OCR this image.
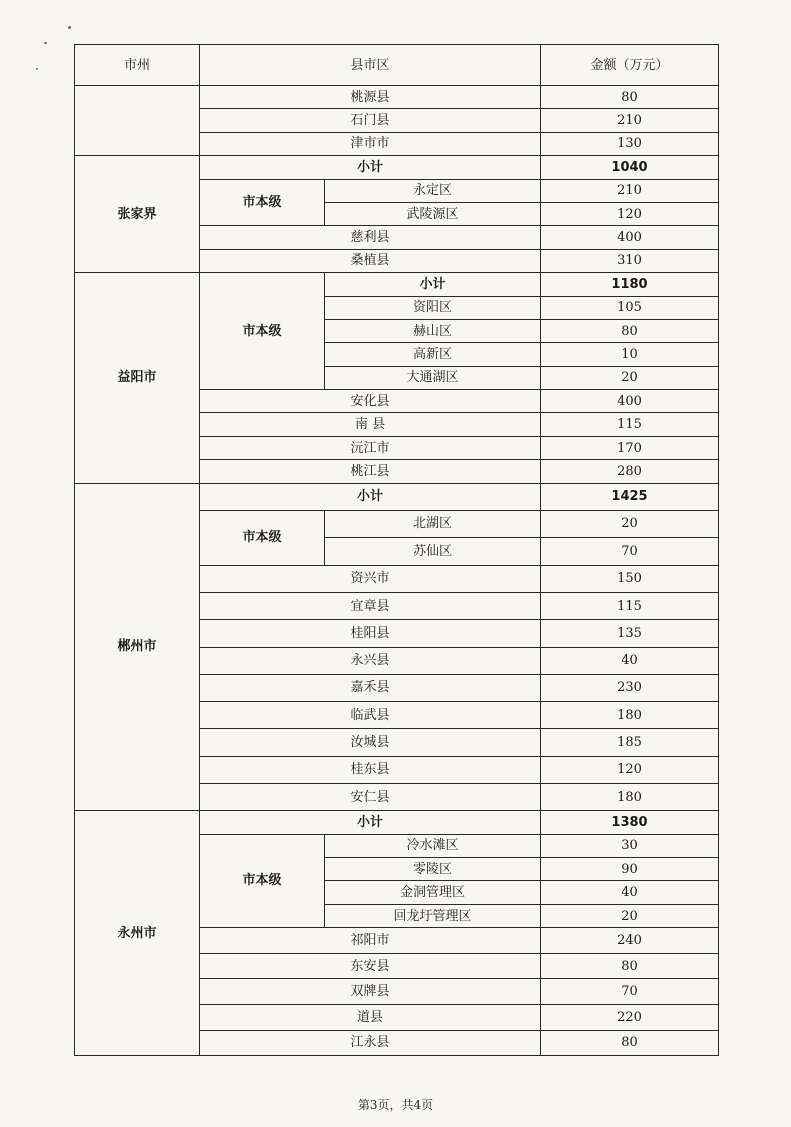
市州	县市区		金额（万元）
	桃源县		80
	石门县		210
	津市市		130
张家界	小计		1040
	市本级	永定区	210
		武陵源区	120
	慈利县		400
	桑植县		310
益阳市	市本级	小计	1180
		资阳区	105
		赫山区	80
		高新区	10
		大通湖区	20
	安化县		400
	南 县		115
	沅江市		170
	桃江县		280
郴州市	小计		1425
	市本级	北湖区	20
		苏仙区	70
	资兴市		150
	宜章县		115
	桂阳县		135
	永兴县		40
	嘉禾县		230
	临武县		180
	汝城县		185
	桂东县		120
	安仁县		180
永州市	小计		1380
	市本级	冷水滩区	30
		零陵区	90
		金洞管理区	40
		回龙圩管理区	20
	祁阳市		240
	东安县		80
	双牌县		70
	道县		220
	江永县		80
第3页，共4页
